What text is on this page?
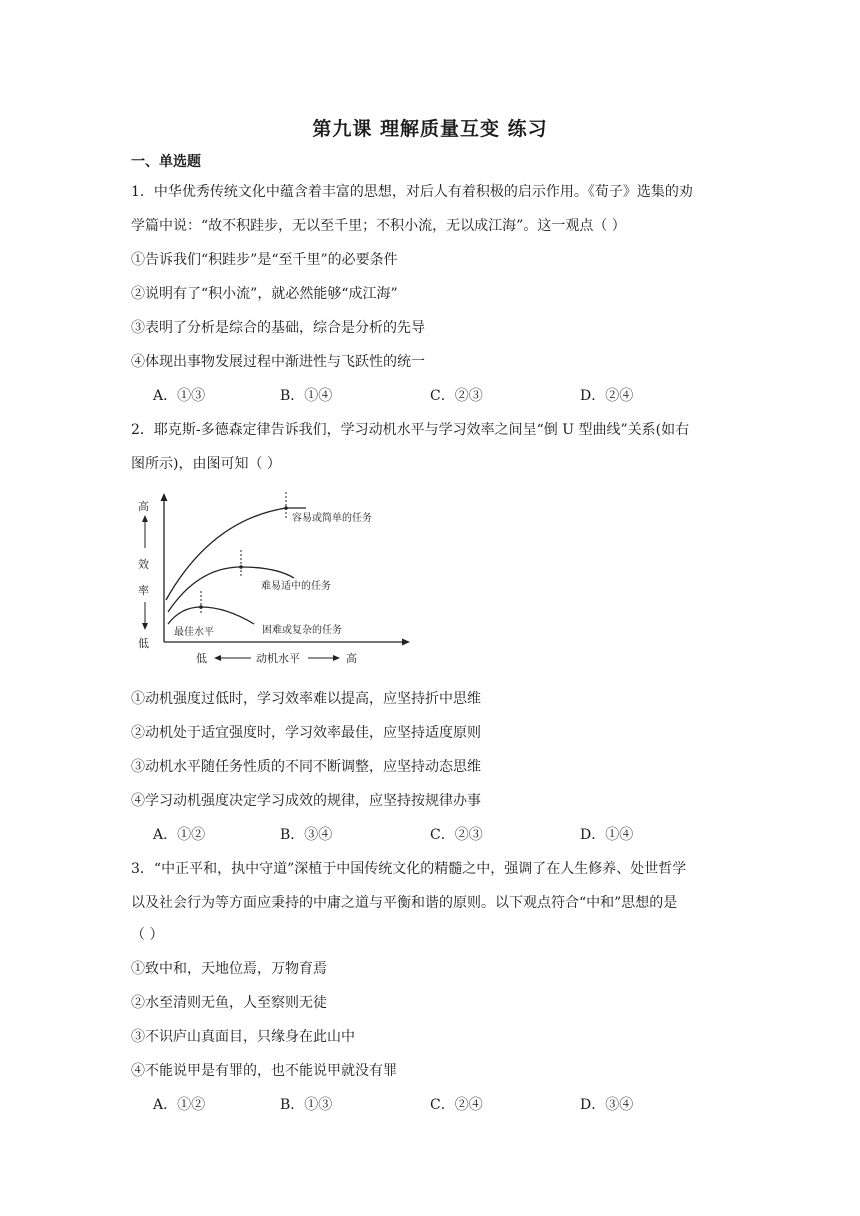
第九课 理解质量互变 练习
一、单选题
1．中华优秀传统文化中蕴含着丰富的思想，对后人有着积极的启示作用。《荀子》选集的劝
学篇中说：“故不积跬步，无以至千里；不积小流，无以成江海”。这一观点（ ）
①告诉我们“积跬步”是“至千里”的必要条件
②说明有了“积小流”，就必然能够“成江海”
③表明了分析是综合的基础，综合是分析的先导
④体现出事物发展过程中渐进性与飞跃性的统一
A．①③	B．①④	C．②③	D．②④
2．耶克斯-多德森定律告诉我们，学习动机水平与学习效率之间呈“倒 U 型曲线”关系(如右
图所示)，由图可知（ ）
高
效
率
低
低	动机水平	高
容易或简单的任务
难易适中的任务
困难或复杂的任务
最佳水平
①动机强度过低时，学习效率难以提高，应坚持折中思维
②动机处于适宜强度时，学习效率最佳，应坚持适度原则
③动机水平随任务性质的不同不断调整，应坚持动态思维
④学习动机强度决定学习成效的规律，应坚持按规律办事
A．①②	B．③④	C．②③	D．①④
3．“中正平和，执中守道”深植于中国传统文化的精髓之中，强调了在人生修养、处世哲学
以及社会行为等方面应秉持的中庸之道与平衡和谐的原则。以下观点符合“中和”思想的是
（ ）
①致中和，天地位焉，万物育焉
②水至清则无鱼，人至察则无徒
③不识庐山真面目，只缘身在此山中
④不能说甲是有罪的，也不能说甲就没有罪
A．①②	B．①③	C．②④	D．③④
